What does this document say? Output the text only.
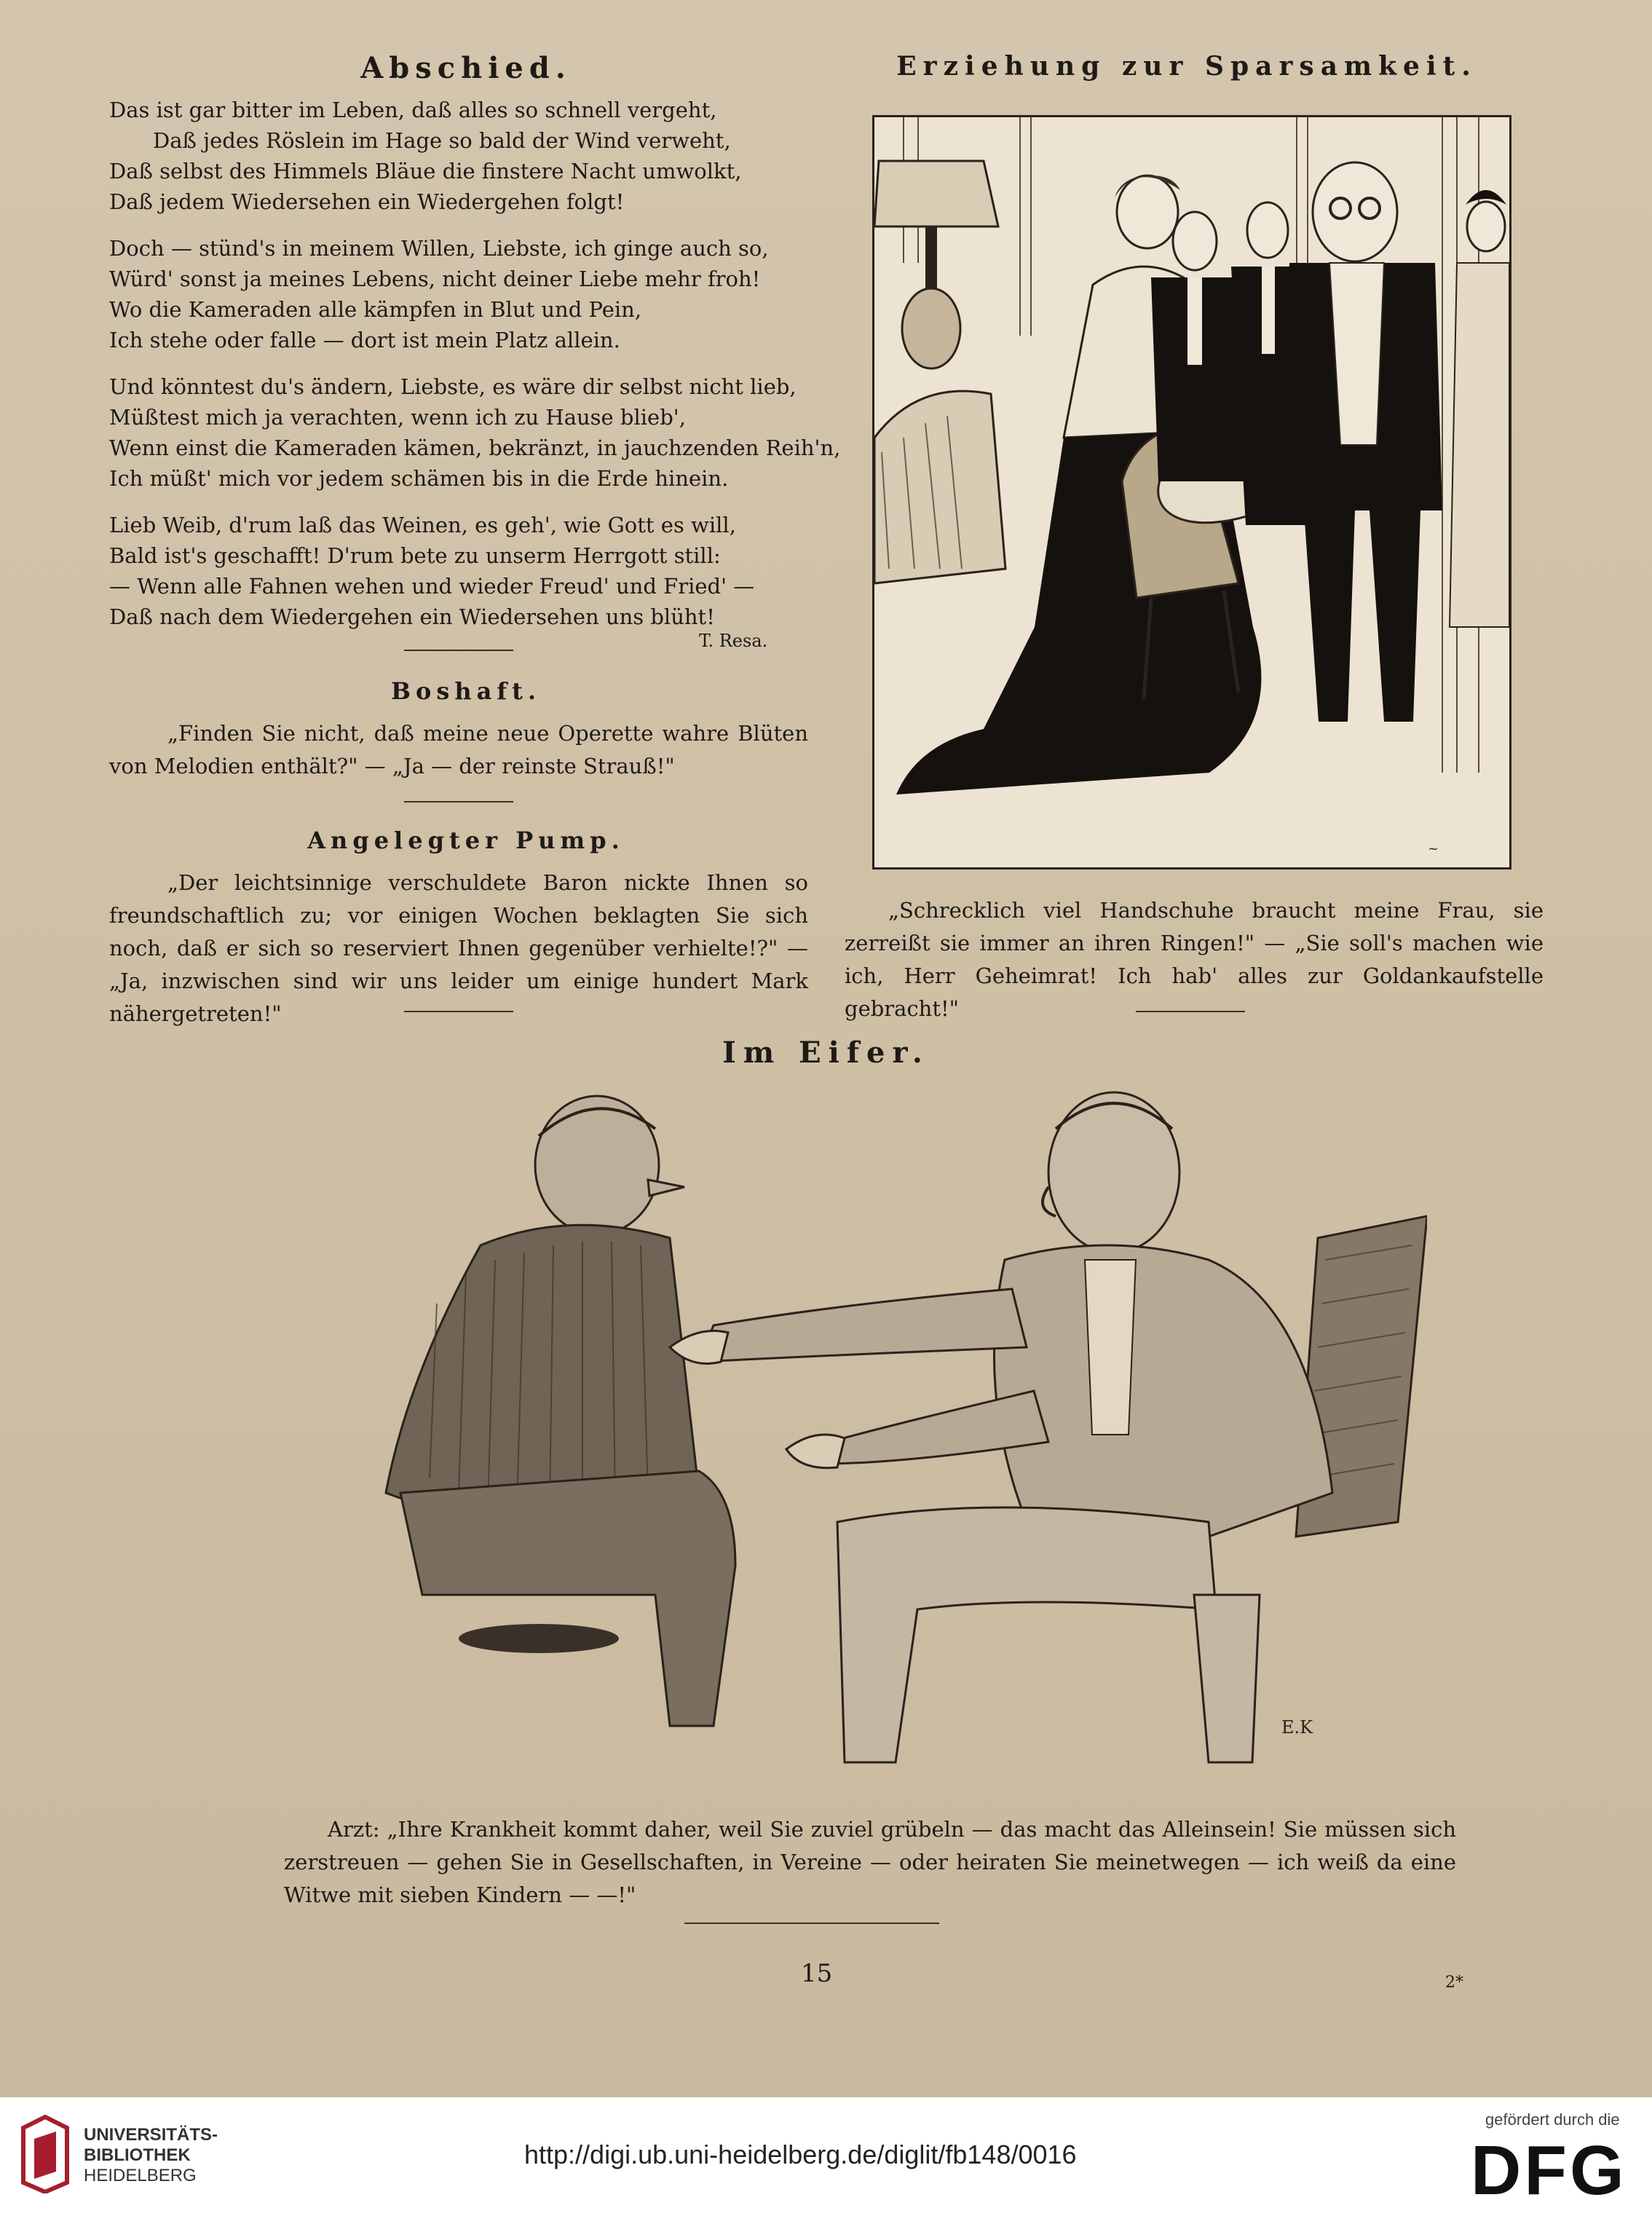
Abschied.
Das ist gar bitter im Leben, daß alles so schnell vergeht,
Daß jedes Röslein im Hage so bald der Wind verweht,
Daß selbst des Himmels Bläue die finstere Nacht umwolkt,
Daß jedem Wiedersehen ein Wiedergehen folgt!
Doch — stünd's in meinem Willen, Liebste, ich ginge auch so,
Würd' sonst ja meines Lebens, nicht deiner Liebe mehr froh!
Wo die Kameraden alle kämpfen in Blut und Pein,
Ich stehe oder falle — dort ist mein Platz allein.
Und könntest du's ändern, Liebste, es wäre dir selbst nicht lieb,
Müßtest mich ja verachten, wenn ich zu Hause blieb',
Wenn einst die Kameraden kämen, bekränzt, in jauchzenden Reih'n,
Ich müßt' mich vor jedem schämen bis in die Erde hinein.
Lieb Weib, d'rum laß das Weinen, es geh', wie Gott es will,
Bald ist's geschafft! D'rum bete zu unserm Herrgott still:
— Wenn alle Fahnen wehen und wieder Freud' und Fried' —
Daß nach dem Wiedergehen ein Wiedersehen uns blüht!
T. Resa.
Boshaft.
„Finden Sie nicht, daß meine neue Operette wahre Blüten von Melodien enthält?" — „Ja — der reinste Strauß!"
Angelegter Pump.
„Der leichtsinnige verschuldete Baron nickte Ihnen so freundschaftlich zu; vor einigen Wochen beklagten Sie sich noch, daß er sich so reserviert Ihnen gegenüber verhielte!?" — „Ja, inzwischen sind wir uns leider um einige hundert Mark nähergetreten!"
Erziehung zur Sparsamkeit.
~
„Schrecklich viel Handschuhe braucht meine Frau, sie zerreißt sie immer an ihren Ringen!" — „Sie soll's machen wie ich, Herr Geheimrat! Ich hab' alles zur Goldankaufstelle gebracht!"
Im Eifer.
E.K
Arzt: „Ihre Krankheit kommt daher, weil Sie zuviel grübeln — das macht das Alleinsein! Sie müssen sich zerstreuen — gehen Sie in Gesellschaften, in Vereine — oder heiraten Sie meinetwegen — ich weiß da eine Witwe mit sieben Kindern — —!"
15	2*
UNIVERSITÄTS-
BIBLIOTHEK
HEIDELBERG
http://digi.ub.uni-heidelberg.de/diglit/fb148/0016
gefördert durch die
DFG
